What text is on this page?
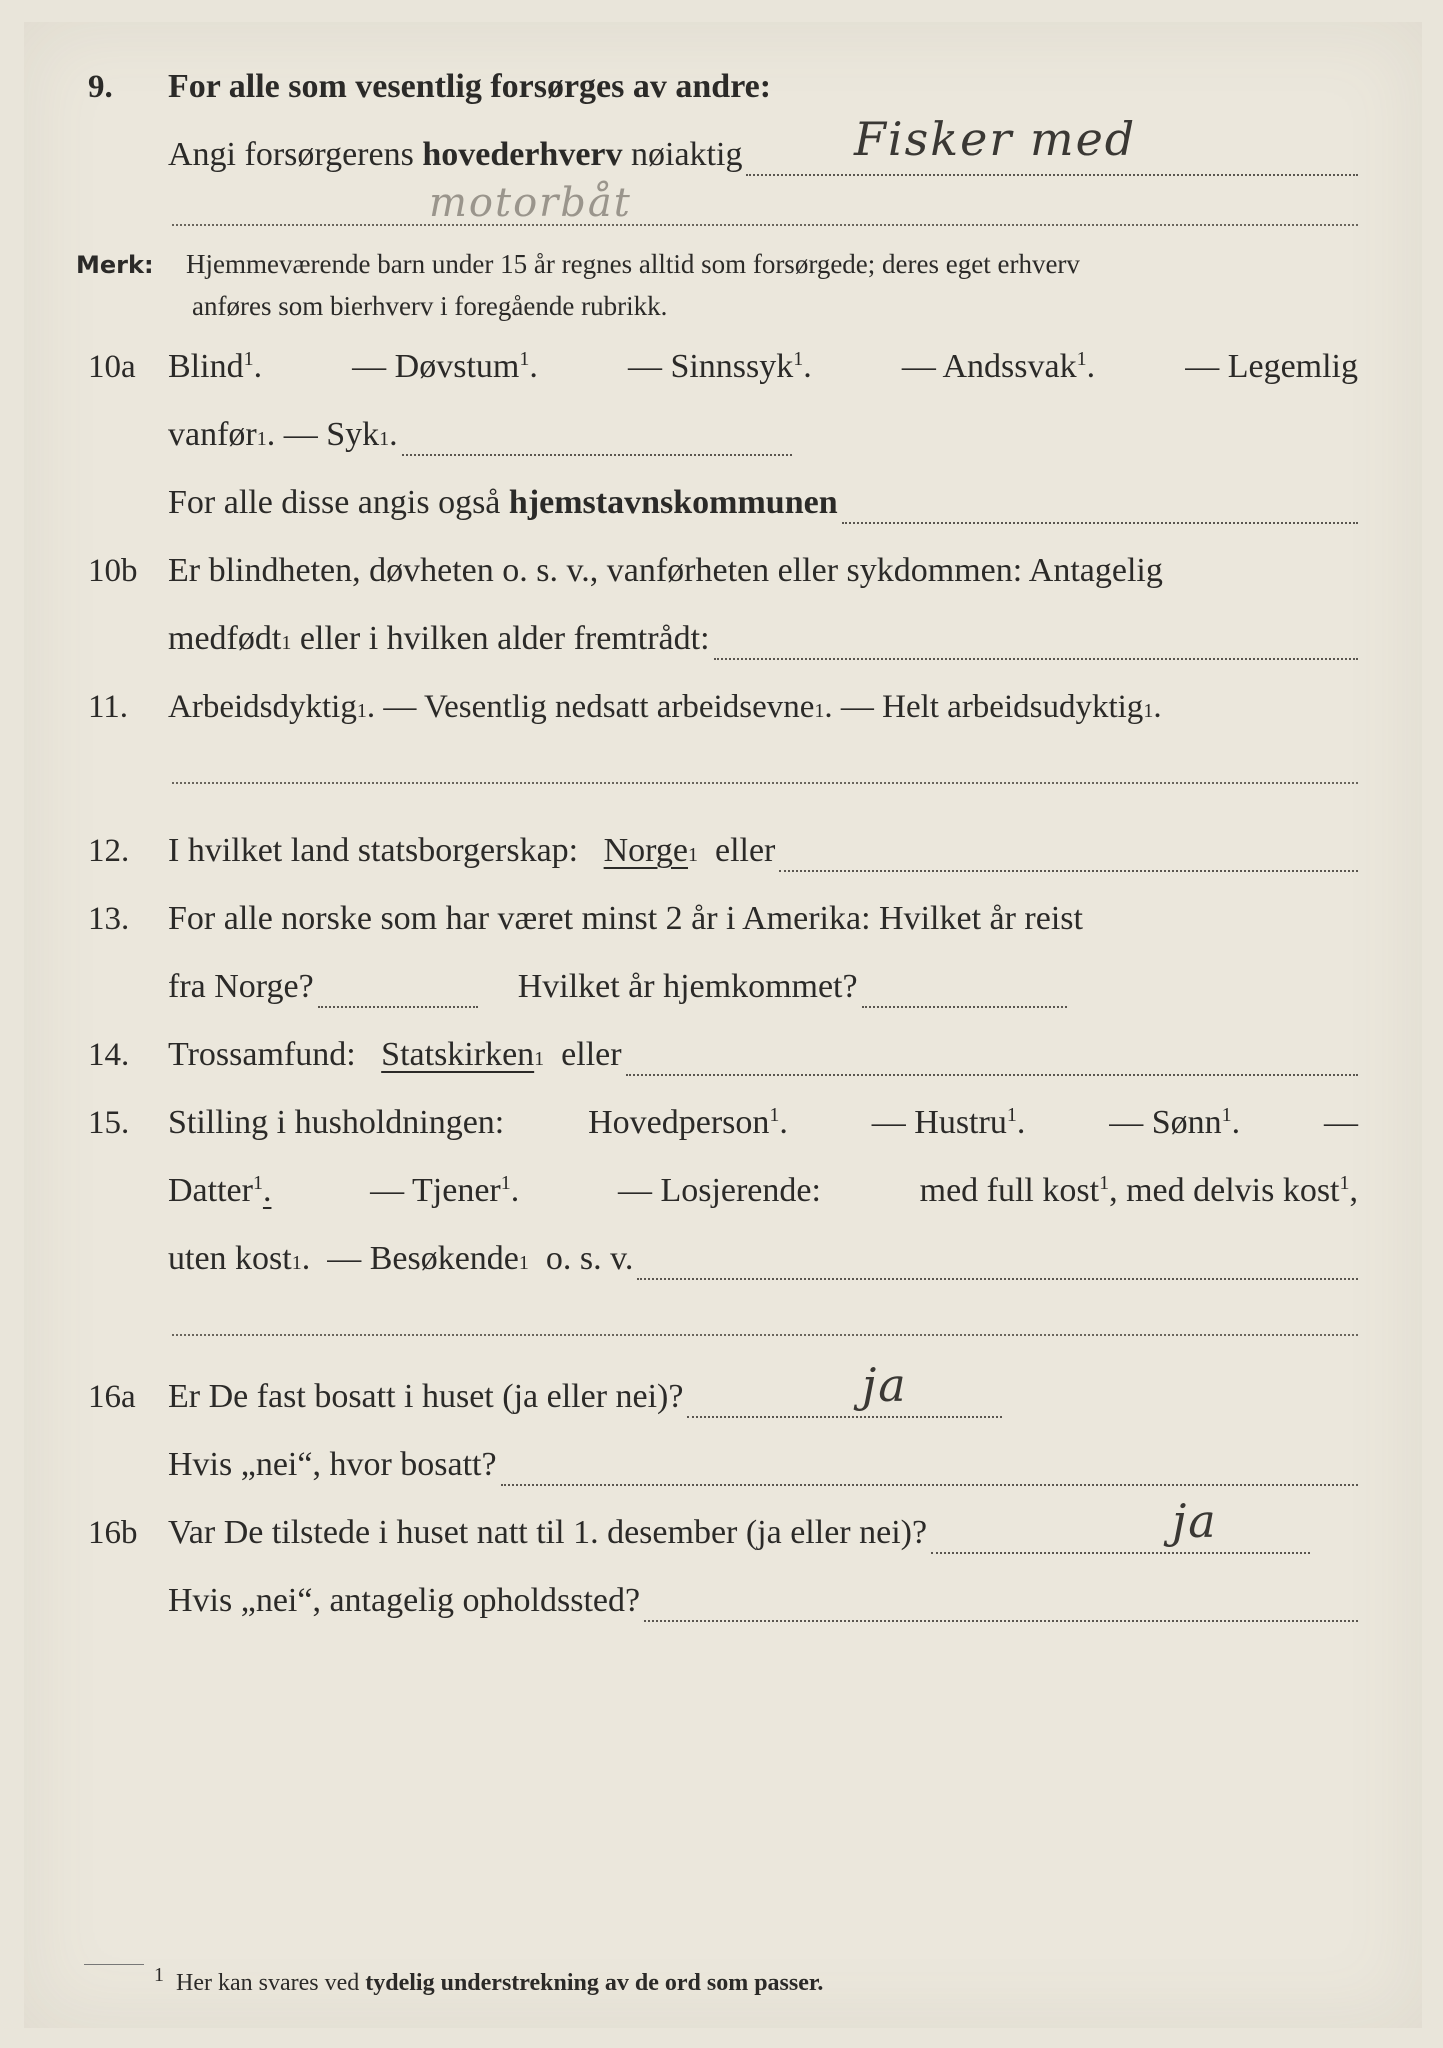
9.	For alle som vesentlig forsørges av andre:
Angi forsørgerens
hovederhverv
nøiaktig Fisker med
motorbåt
Merk: Hjemmeværende barn under 15 år regnes alltid som forsørgede; deres eget erhverv
anføres som bierhverv i foregående rubrikk.
10a Blind1.	— Døvstum1.	— Sinnssyk1.	— Andssvak1.	— Legemlig
vanfør 1 . — Syk 1 .
For alle disse angis også
hjemstavnskommunen
10b Er blindheten, døvheten o. s. v., vanførheten eller sykdommen: Antagelig
medfødt 1
eller i hvilken alder fremtrådt:
11.	Arbeidsdyktig 1 . — Vesentlig nedsatt arbeidsevne 1 . — Helt arbeidsudyktig 1 .
12.	I hvilket land statsborgerskap:
Norge 1
eller
13.	For alle norske som har været minst 2 år i Amerika: Hvilket år reist
fra Norge?	Hvilket år hjemkommet?
14.	Trossamfund:
Statskirken 1
eller
15.	Stilling i husholdningen: Hovedperson1. — Hustru1. — Sønn1. —
Datter1.	— Tjener1.	— Losjerende:	med full kost1, med delvis kost1,
uten kost 1 . — Besøkende 1
o. s. v.
16a Er De fast bosatt i huset (ja eller nei)?	ja
Hvis „nei“, hvor bosatt?
16b Var De tilstede i huset natt til 1. desember (ja eller nei)?	ja
Hvis „nei“, antagelig opholdssted?
$^1$ Her kan svares ved tydelig understrekning av de ord som passer.
